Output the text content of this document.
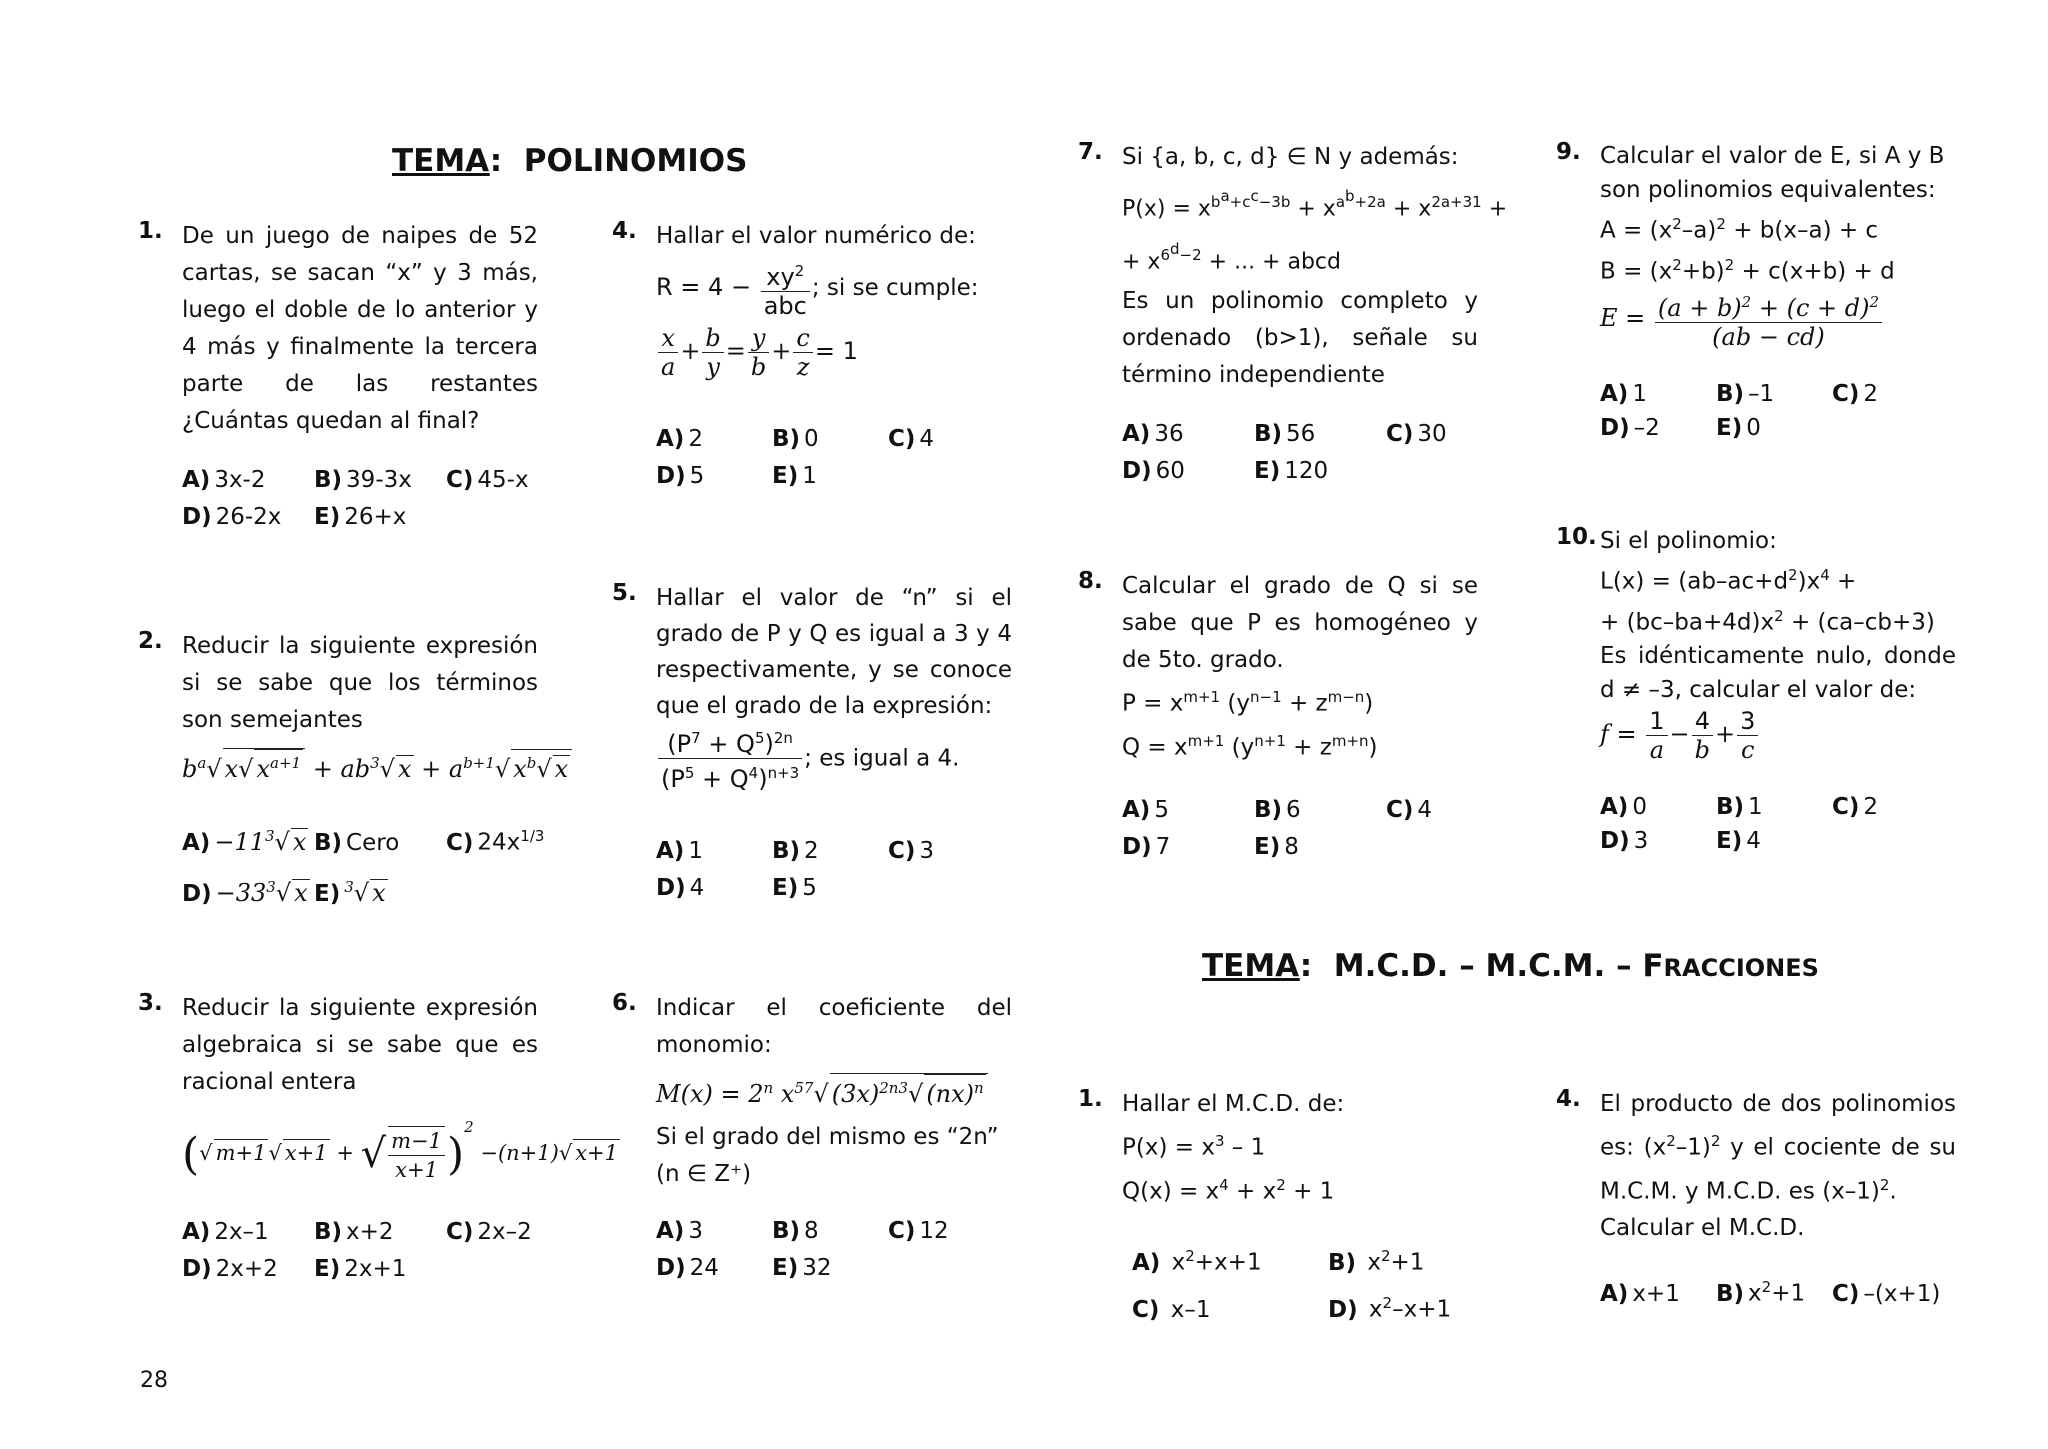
TEMA: POLINOMIOS
1. De un juego de naipes de 52 cartas, se sacan “x” y 3 más, luego el doble de lo anterior y 4 más y finalmente la tercera parte de las restantes ¿Cuántas quedan al final?
A) 3x-2 B) 39-3x C) 45-x
D) 26-2x E) 26+x
2. Reducir la siguiente expresión si se sabe que los términos son semejantes
$b^a√$ x√ $x^{a+1} + ab^3√$ $x + a^{b+1}√$ $x^b√$ x
$A) -11^3√$ x B) Cero C) $24x^{1/3}$
$D) -33^3√$ x E) $^3$√ x
3. Reducir la siguiente expresión algebraica si se sabe que es racional entera
(√ m+1√ x+1 + √ $\frac{m-1}{x+1} )^2 -(n+1)√$ x+1
A) 2x–1 B) x+2 C) 2x–2
D) 2x+2 E) 2x+1
4. Hallar el valor numérico de:
$R = 4 - \frac{xy^2}{\text{abc}}$ ; si se cumple:
$\frac{x}{a} + \frac{b}{y} = \frac{y}{b} + \frac{c}{z} = 1$
A) 2	B) 0	C) 4
D) 5	E) 1
5. Hallar el valor de “n” si el grado de P y Q es igual a 3 y 4 respectivamente, y se conoce que el grado de la expresión:
$\frac{(P^7 + Q^5)^{2n}}{(P^5 + Q^4)^{n+3}}$ ; es igual a 4.
A) 1	B) 2	C) 3
D) 4	E) 5
6. Indicar el coeficiente del monomio:
$M(x) = 2^n$ $x^{57}√$ $(3x)^{2n3}√$ (nx)$^n$
Si el grado del mismo es “2n”
(n ∈ Z⁺)
A) 3	B) 8	C) 12
D) 24 E) 32
7. Si {a, b, c, d} ∈ N y además:
$P(x) = x^{b^a+c^c-3b} + x^{a^b+2a} + x^{2a+31}$ +
+ $x^{6^d-2}$ + ... + abcd
Es un polinomio completo y ordenado (b>1), señale su término independiente
A) 36	B) 56	C) 30
D) 60	E) 120
8. Calcular el grado de Q si se sabe que P es homogéneo y de 5to. grado.
$P = x^{m+1}$ $(y^{n-1} + z^{m-n})$
$Q = x^{m+1}$ $(y^{n+1} + z^{m+n})$
A) 5	B) 6	C) 4
D) 7	E) 8
9. Calcular el valor de E, si A y B son polinomios equivalentes:
$A = (x^2-a)^2 + b(x-a) + c$
$B = (x^2+b)^2 + c(x+b) + d$
$E = \frac{(a + b)^2 + (c + d)^2}{(ab - cd)}$
A) 1	B) –1	C) 2
D) –2 E) 0
10. Si el polinomio:
$L(x) = (ab-ac+d^2)x^4$ +
+ $(bc-ba+4d)x^2 + (ca-cb+3)$
Es idénticamente nulo, donde d ≠ –3, calcular el valor de:
$f = \frac{1}{a} - \frac{4}{b} + \frac{3}{c}$
A) 0	B) 1	C) 2
D) 3	E) 4
TEMA: M.C.D. – M.C.M. – FRACCIONES
1. Hallar el M.C.D. de:
$P(x) = x^3 - 1$
$Q(x) = x^4 + x^2 + 1$
A) $x^2+x+1$	B) $x^2+1$
C) x–1	D) $x^2-x+1$
4. El producto de dos polinomios es: $(x^2-1)^2$ y el cociente de su M.C.M. y M.C.D. es $(x-1)^2$.
Calcular el M.C.D.
A) x+1 B) $x^2+1$ C) –(x+1)
28
